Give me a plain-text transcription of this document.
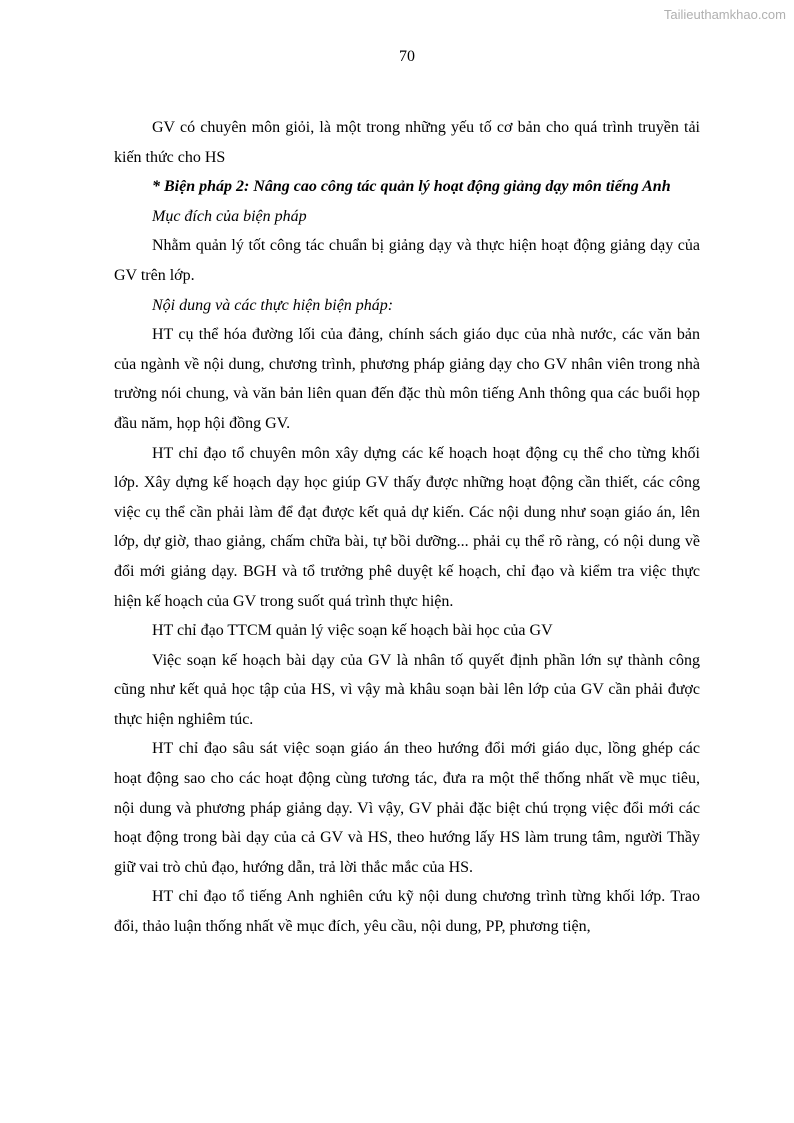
Tailieuthamkhao.com
70

GV có chuyên môn giỏi, là một trong những yếu tố cơ bản cho quá trình truyền tải kiến thức cho HS

* Biện pháp 2: Nâng cao công tác quản lý hoạt động giảng dạy môn tiếng Anh

Mục đích của biện pháp

Nhằm quản lý tốt công tác chuẩn bị giảng dạy và thực hiện hoạt động giảng dạy của GV trên lớp.

Nội dung và các thực hiện biện pháp:

HT cụ thể hóa đường lối của đảng, chính sách giáo dục của nhà nước, các văn bản của ngành về nội dung, chương trình, phương pháp giảng dạy cho GV nhân viên trong nhà trường nói chung, và văn bản liên quan đến đặc thù môn tiếng Anh thông qua các buổi họp đầu năm, họp hội đồng GV.

HT chỉ đạo tổ chuyên môn xây dựng các kế hoạch hoạt động cụ thể cho từng khối lớp. Xây dựng kế hoạch dạy học giúp GV thấy được những hoạt động cần thiết, các công việc cụ thể cần phải làm để đạt được kết quả dự kiến. Các nội dung như soạn giáo án, lên lớp, dự giờ, thao giảng, chấm chữa bài, tự bồi dưỡng... phải cụ thể rõ ràng, có nội dung về đổi mới giảng dạy. BGH và tổ trưởng phê duyệt kế hoạch, chỉ đạo và kiểm tra việc thực hiện kế hoạch của GV trong suốt quá trình thực hiện.

HT chỉ đạo TTCM quản lý việc soạn kế hoạch bài học của GV

Việc soạn kế hoạch bài dạy của GV là nhân tố quyết định phần lớn sự thành công cũng như kết quả học tập của HS, vì vậy mà khâu soạn bài lên lớp của GV cần phải được thực hiện nghiêm túc.

HT chỉ đạo sâu sát việc soạn giáo án theo hướng đổi mới giáo dục, lồng ghép các hoạt động sao cho các hoạt động cùng tương tác, đưa ra một thể thống nhất về mục tiêu, nội dung và phương pháp giảng dạy. Vì vậy, GV phải đặc biệt chú trọng việc đổi mới các hoạt động trong bài dạy của cả GV và HS, theo hướng lấy HS làm trung tâm, người Thầy giữ vai trò chủ đạo, hướng dẫn, trả lời thắc mắc của HS.

HT chỉ đạo tổ tiếng Anh nghiên cứu kỹ nội dung chương trình từng khối lớp. Trao đổi, thảo luận thống nhất về mục đích, yêu cầu, nội dung, PP, phương tiện,
